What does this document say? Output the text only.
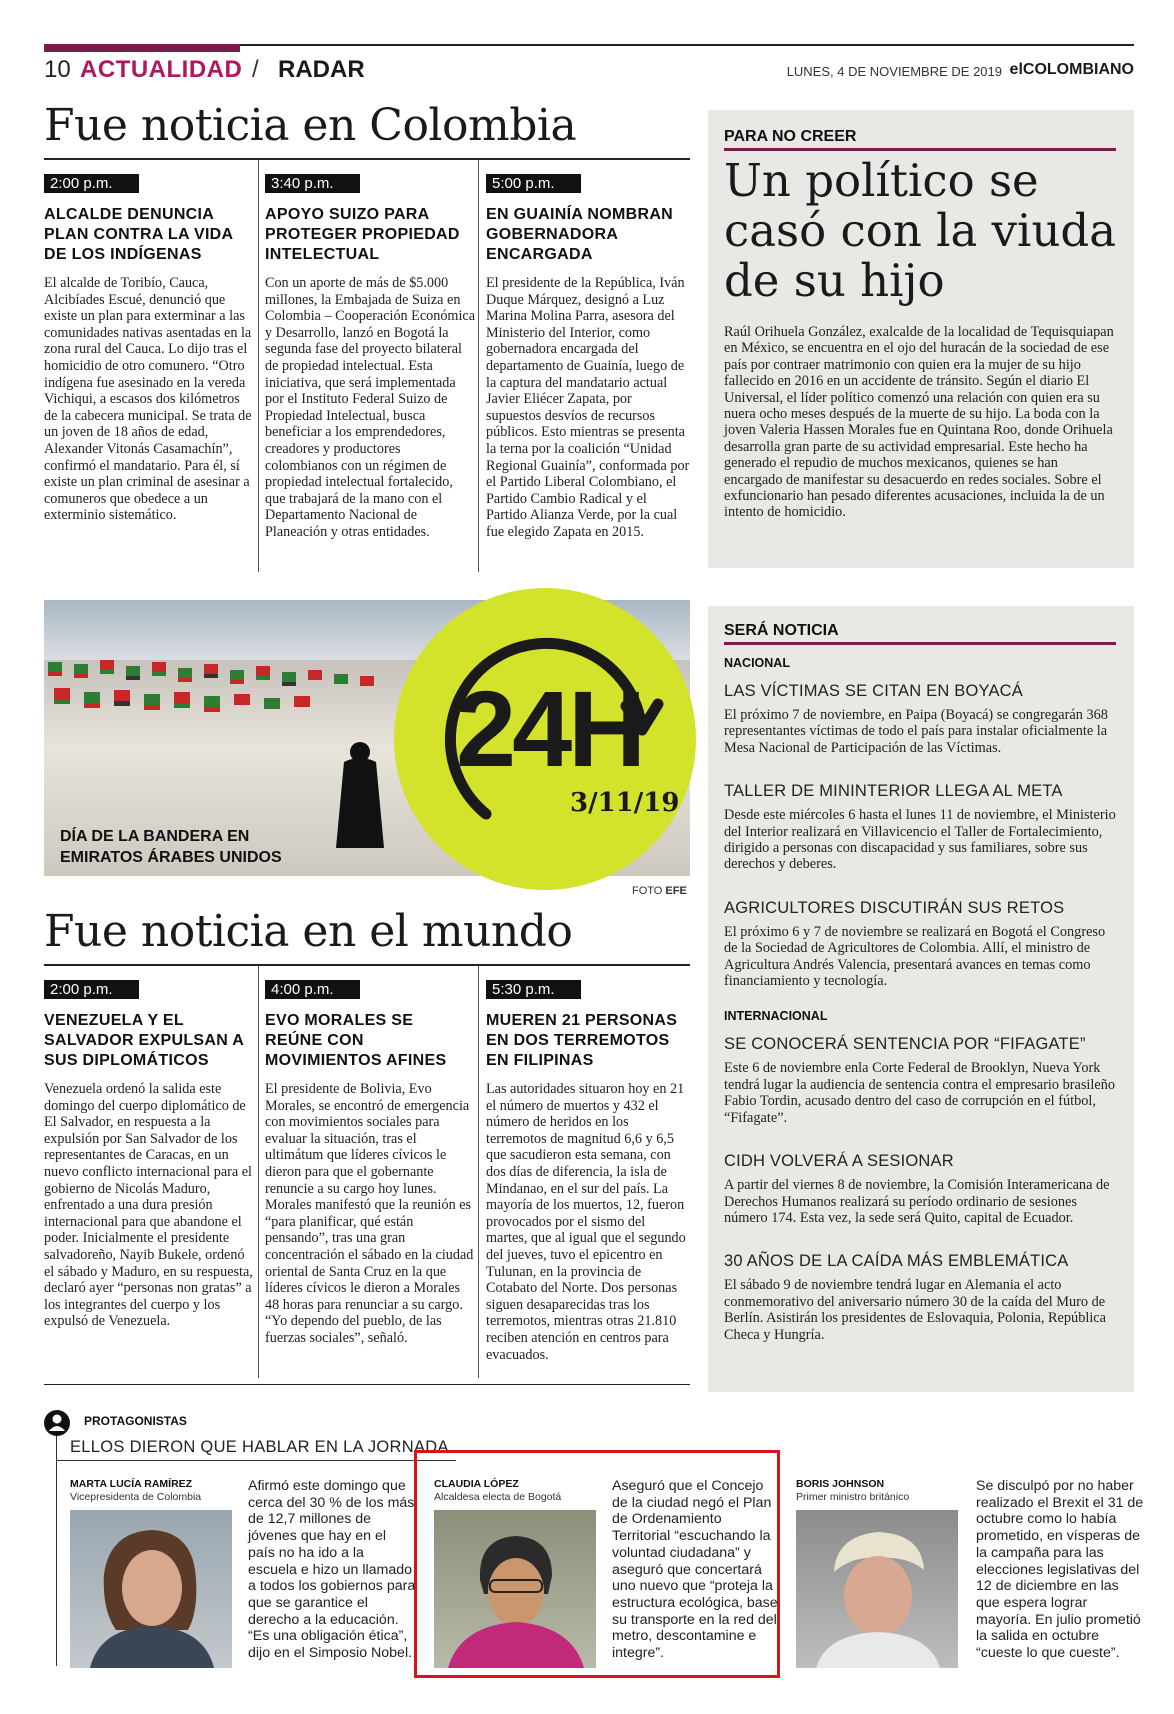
10 ACTUALIDAD / RADAR	LUNES, 4 DE NOVIEMBRE DE 2019 elCOLOMBIANO
Fue noticia en Colombia
2:00 p.m.
ALCALDE DENUNCIA PLAN CONTRA LA VIDA DE LOS INDÍGENAS

El alcalde de Toribío, Cauca, Alcibíades Escué, denunció que existe un plan para exterminar a las comunidades nativas asentadas en la zona rural del Cauca. Lo dijo tras el homicidio de otro comunero. “Otro indígena fue asesinado en la vereda Vichiqui, a escasos dos kilómetros de la cabecera municipal. Se trata de un joven de 18 años de edad, Alexander Vitonás Casamachín”, confirmó el mandatario. Para él, sí existe un plan criminal de asesinar a comuneros que obedece a un exterminio sistemático.

3:40 p.m.
APOYO SUIZO PARA PROTEGER PROPIEDAD INTELECTUAL

Con un aporte de más de $5.000 millones, la Embajada de Suiza en Colombia – Cooperación Económica y Desarrollo, lanzó en Bogotá la segunda fase del proyecto bilateral de propiedad intelectual. Esta iniciativa, que será implementada por el Instituto Federal Suizo de Propiedad Intelectual, busca beneficiar a los emprendedores, creadores y productores colombianos con un régimen de propiedad intelectual fortalecido, que trabajará de la mano con el Departamento Nacional de Planeación y otras entidades.

5:00 p.m.
EN GUAINÍA NOMBRAN GOBERNADORA ENCARGADA

El presidente de la República, Iván Duque Márquez, designó a Luz Marina Molina Parra, asesora del Ministerio del Interior, como gobernadora encargada del departamento de Guainía, luego de la captura del mandatario actual Javier Eliécer Zapata, por supuestos desvíos de recursos públicos. Esto mientras se presenta la terna por la coalición “Unidad Regional Guainía”, conformada por el Partido Liberal Colombiano, el Partido Cambio Radical y el Partido Alianza Verde, por la cual fue elegido Zapata en 2015.

PARA NO CREER
Un político se casó con la viuda de su hijo
Raúl Orihuela González, exalcalde de la localidad de Tequisquiapan en México, se encuentra en el ojo del huracán de la sociedad de ese país por contraer matrimonio con quien era la mujer de su hijo fallecido en 2016 en un accidente de tránsito. Según el diario El Universal, el líder político comenzó una relación con quien era su nuera ocho meses después de la muerte de su hijo. La boda con la joven Valeria Hassen Morales fue en Quintana Roo, donde Orihuela desarrolla gran parte de su actividad empresarial. Este hecho ha generado el repudio de muchos mexicanos, quienes se han encargado de manifestar su desacuerdo en redes sociales. Sobre el exfuncionario han pesado diferentes acusaciones, incluida la de un intento de homicidio.
DÍA DE LA BANDERA EN
EMIRATOS ÁRABES UNIDOS
24H
3/11/19
FOTO EFE
SERÁ NOTICIA
NACIONAL
LAS VÍCTIMAS SE CITAN EN BOYACÁ
El próximo 7 de noviembre, en Paipa (Boyacá) se congregarán 368 representantes víctimas de todo el país para instalar oficialmente la Mesa Nacional de Participación de las Víctimas.
TALLER DE MININTERIOR LLEGA AL META
Desde este miércoles 6 hasta el lunes 11 de noviembre, el Ministerio del Interior realizará en Villavicencio el Taller de Fortalecimiento, dirigido a personas con discapacidad y sus familiares, sobre sus derechos y deberes.
AGRICULTORES DISCUTIRÁN SUS RETOS
El próximo 6 y 7 de noviembre se realizará en Bogotá el Congreso de la Sociedad de Agricultores de Colombia. Allí, el ministro de Agricultura Andrés Valencia, presentará avances en temas como financiamiento y tecnología.
INTERNACIONAL
SE CONOCERÁ SENTENCIA POR “FIFAGATE”
Este 6 de noviembre enla Corte Federal de Brooklyn, Nueva York tendrá lugar la audiencia de sentencia contra el empresario brasileño Fabio Tordin, acusado dentro del caso de corrupción en el fútbol, “Fifagate”.
CIDH VOLVERÁ A SESIONAR
A partir del viernes 8 de noviembre, la Comisión Interamericana de Derechos Humanos realizará su período ordinario de sesiones número 174. Esta vez, la sede será Quito, capital de Ecuador.
30 AÑOS DE LA CAÍDA MÁS EMBLEMÁTICA
El sábado 9 de noviembre tendrá lugar en Alemania el acto conmemorativo del aniversario número 30 de la caída del Muro de Berlín. Asistirán los presidentes de Eslovaquia, Polonia, República Checa y Hungría.
Fue noticia en el mundo
2:00 p.m.
VENEZUELA Y EL SALVADOR EXPULSAN A SUS DIPLOMÁTICOS

Venezuela ordenó la salida este domingo del cuerpo diplomático de El Salvador, en respuesta a la expulsión por San Salvador de los representantes de Caracas, en un nuevo conflicto internacional para el gobierno de Nicolás Maduro, enfrentado a una dura presión internacional para que abandone el poder. Inicialmente el presidente salvadoreño, Nayib Bukele, ordenó el sábado y Maduro, en su respuesta, declaró ayer “personas non gratas” a los integrantes del cuerpo y los expulsó de Venezuela.

4:00 p.m.
EVO MORALES SE REÚNE CON MOVIMIENTOS AFINES

El presidente de Bolivia, Evo Morales, se encontró de emergencia con movimientos sociales para evaluar la situación, tras el ultimátum que líderes cívicos le dieron para que el gobernante renuncie a su cargo hoy lunes. Morales manifestó que la reunión es “para planificar, qué están pensando”, tras una gran concentración el sábado en la ciudad oriental de Santa Cruz en la que líderes cívicos le dieron a Morales 48 horas para renunciar a su cargo. “Yo dependo del pueblo, de las fuerzas sociales”, señaló.

5:30 p.m.
MUEREN 21 PERSONAS EN DOS TERREMOTOS EN FILIPINAS

Las autoridades situaron hoy en 21 el número de muertos y 432 el número de heridos en los terremotos de magnitud 6,6 y 6,5 que sacudieron esta semana, con dos días de diferencia, la isla de Mindanao, en el sur del país. La mayoría de los muertos, 12, fueron provocados por el sismo del martes, que al igual que el segundo del jueves, tuvo el epicentro en Tulunan, en la provincia de Cotabato del Norte. Dos personas siguen desaparecidas tras los terremotos, mientras otras 21.810 reciben atención en centros para evacuados.

PROTAGONISTAS
ELLOS DIERON QUE HABLAR EN LA JORNADA
MARTA LUCÍA RAMÍREZ
Vicepresidenta de Colombia
Afirmó este domingo que cerca del 30 % de los más de 12,7 millones de jóvenes que hay en el país no ha ido a la escuela e hizo un llamado a todos los gobiernos para que se garantice el derecho a la educación. “Es una obligación ética”, dijo en el Simposio Nobel.
CLAUDIA LÓPEZ
Alcaldesa electa de Bogotá
Aseguró que el Concejo de la ciudad negó el Plan de Ordenamiento Territorial “escuchando la voluntad ciudadana” y aseguró que concertará uno nuevo que “proteja la estructura ecológica, base su transporte en la red del metro, descontamine e integre”.
BORIS JOHNSON
Primer ministro británico
Se disculpó por no haber realizado el Brexit el 31 de octubre como lo había prometido, en vísperas de la campaña para las elecciones legislativas del 12 de diciembre en las que espera lograr mayoría. En julio prometió la salida en octubre “cueste lo que cueste”.
